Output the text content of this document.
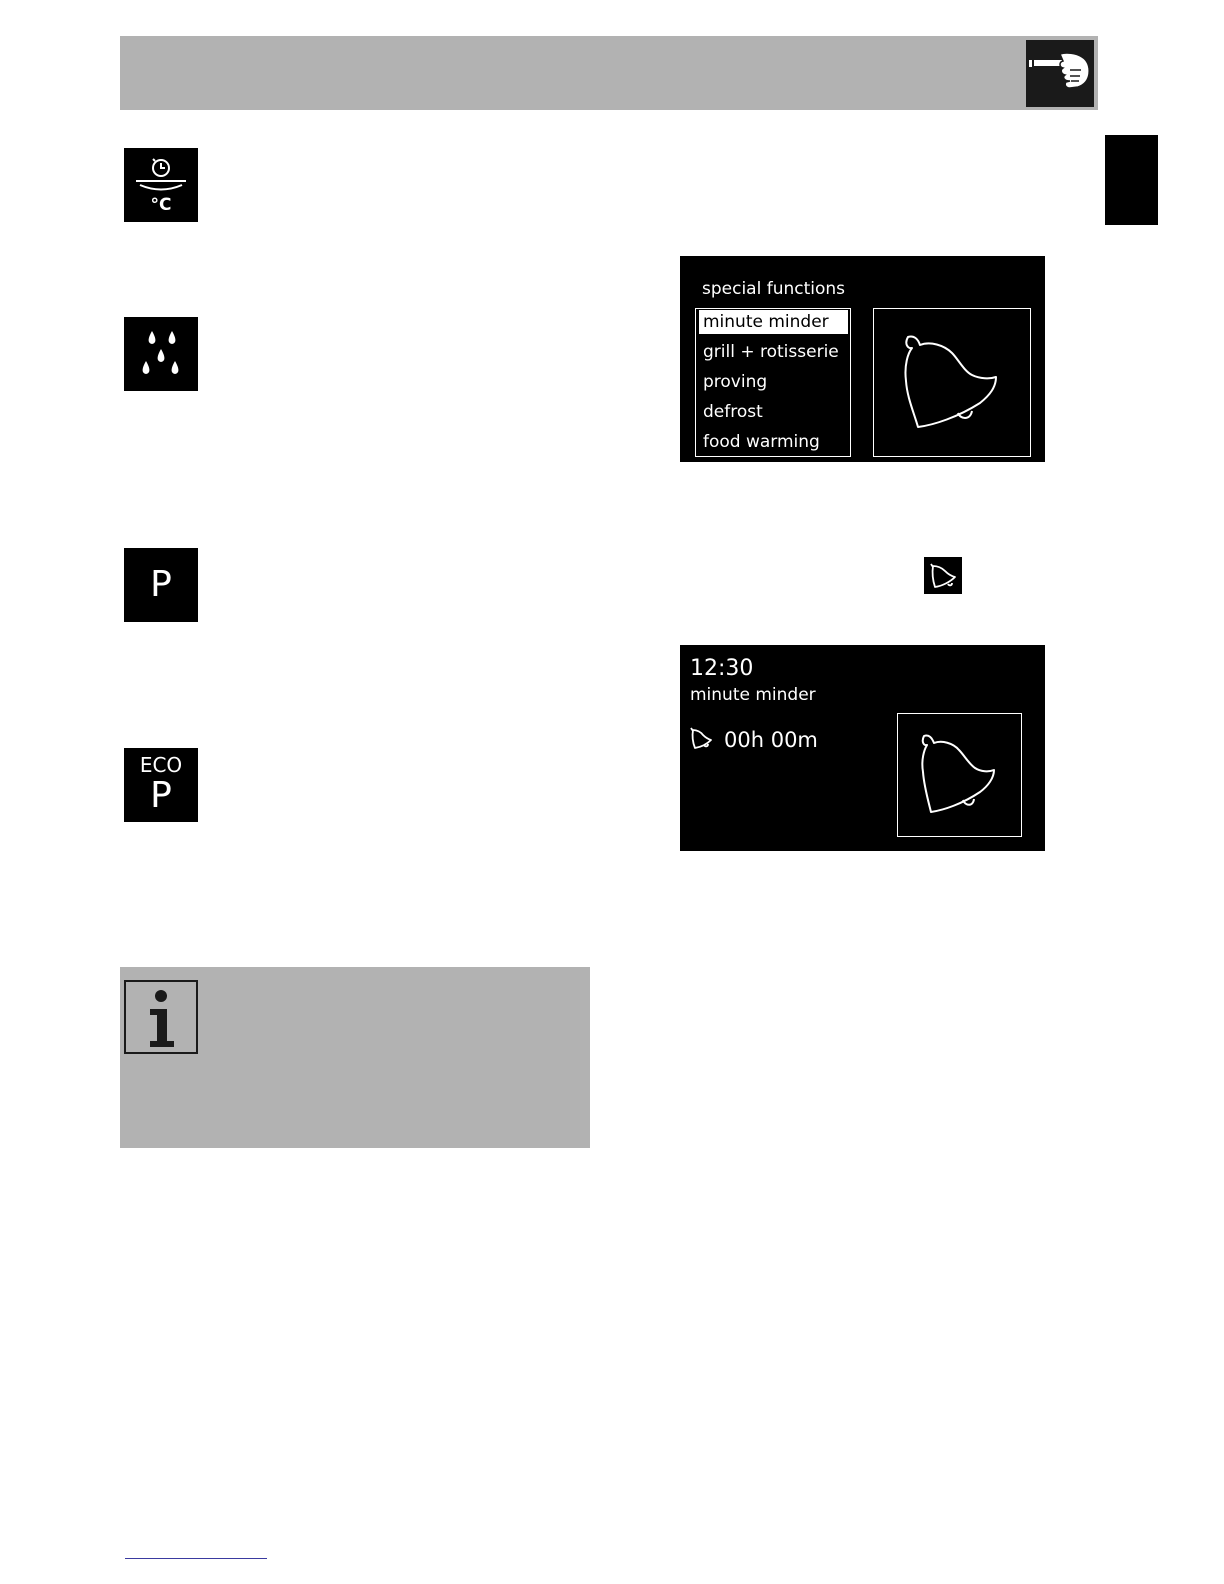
°C
P
ECO
P
special functions
minute minder
grill + rotisserie
proving
defrost
food warming
12:30
minute minder
00h 00m
